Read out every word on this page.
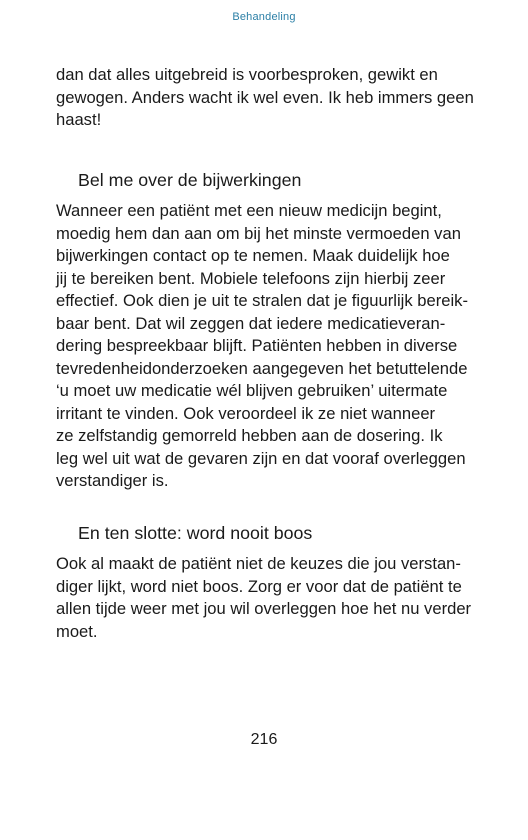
Behandeling

dan dat alles uitgebreid is voorbesproken, gewikt en
gewogen. Anders wacht ik wel even. Ik heb immers geen
haast!

Bel me over de bijwerkingen

Wanneer een patiënt met een nieuw medicijn begint,
moedig hem dan aan om bij het minste vermoeden van
bijwerkingen contact op te nemen. Maak duidelijk hoe
jij te bereiken bent. Mobiele telefoons zijn hierbij zeer
effectief. Ook dien je uit te stralen dat je figuurlijk bereik-
baar bent. Dat wil zeggen dat iedere medicatieveran-
dering bespreekbaar blijft. Patiënten hebben in diverse
tevredenheidonderzoeken aangegeven het betuttelende
‘u moet uw medicatie wél blijven gebruiken’ uitermate
irritant te vinden. Ook veroordeel ik ze niet wanneer
ze zelfstandig gemorreld hebben aan de dosering. Ik
leg wel uit wat de gevaren zijn en dat vooraf overleggen
verstandiger is.

En ten slotte: word nooit boos

Ook al maakt de patiënt niet de keuzes die jou verstan-
diger lijkt, word niet boos. Zorg er voor dat de patiënt te
allen tijde weer met jou wil overleggen hoe het nu verder
moet.

216
